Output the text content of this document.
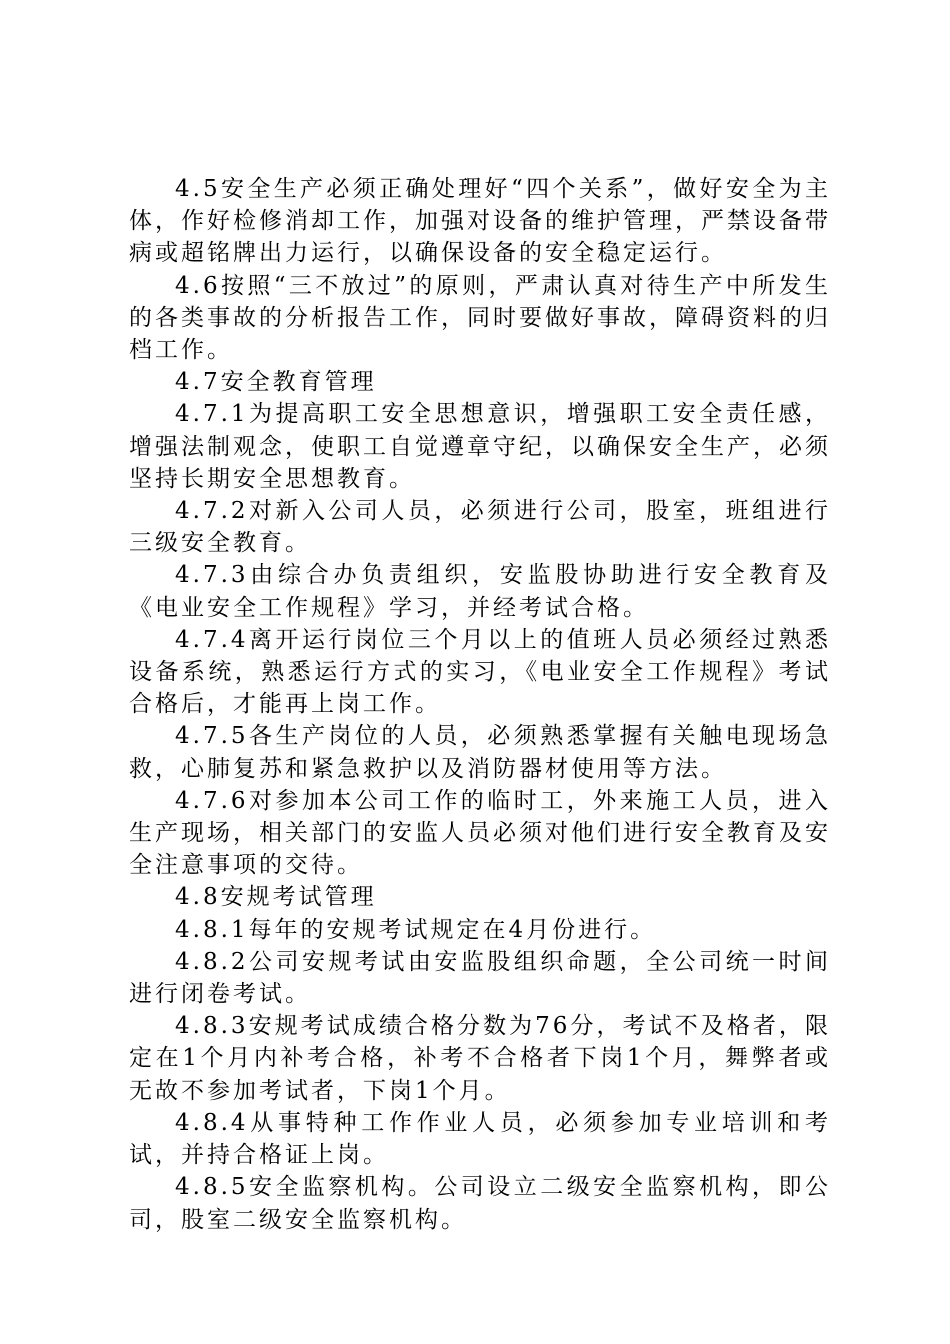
4.5安全生产必须正确处理好“四个关系”，做好安全为主体，作好检修消却工作，加强对设备的维护管理，严禁设备带病或超铭牌出力运行，以确保设备的安全稳定运行。

4.6按照“三不放过”的原则，严肃认真对待生产中所发生的各类事故的分析报告工作，同时要做好事故，障碍资料的归档工作。

4.7安全教育管理

4.7.1为提高职工安全思想意识，增强职工安全责任感，增强法制观念，使职工自觉遵章守纪，以确保安全生产，必须坚持长期安全思想教育。

4.7.2对新入公司人员，必须进行公司，股室，班组进行三级安全教育。

4.7.3由综合办负责组织，安监股协助进行安全教育及《电业安全工作规程》学习，并经考试合格。

4.7.4离开运行岗位三个月以上的值班人员必须经过熟悉设备系统，熟悉运行方式的实习，《电业安全工作规程》考试合格后，才能再上岗工作。

4.7.5各生产岗位的人员，必须熟悉掌握有关触电现场急救，心肺复苏和紧急救护以及消防器材使用等方法。

4.7.6对参加本公司工作的临时工，外来施工人员，进入生产现场，相关部门的安监人员必须对他们进行安全教育及安全注意事项的交待。

4.8安规考试管理

4.8.1每年的安规考试规定在4月份进行。

4.8.2公司安规考试由安监股组织命题，全公司统一时间进行闭卷考试。

4.8.3安规考试成绩合格分数为76分，考试不及格者，限定在1个月内补考合格，补考不合格者下岗1个月，舞弊者或无故不参加考试者，下岗1个月。

4.8.4从事特种工作作业人员，必须参加专业培训和考试，并持合格证上岗。

4.8.5安全监察机构。公司设立二级安全监察机构，即公司，股室二级安全监察机构。
